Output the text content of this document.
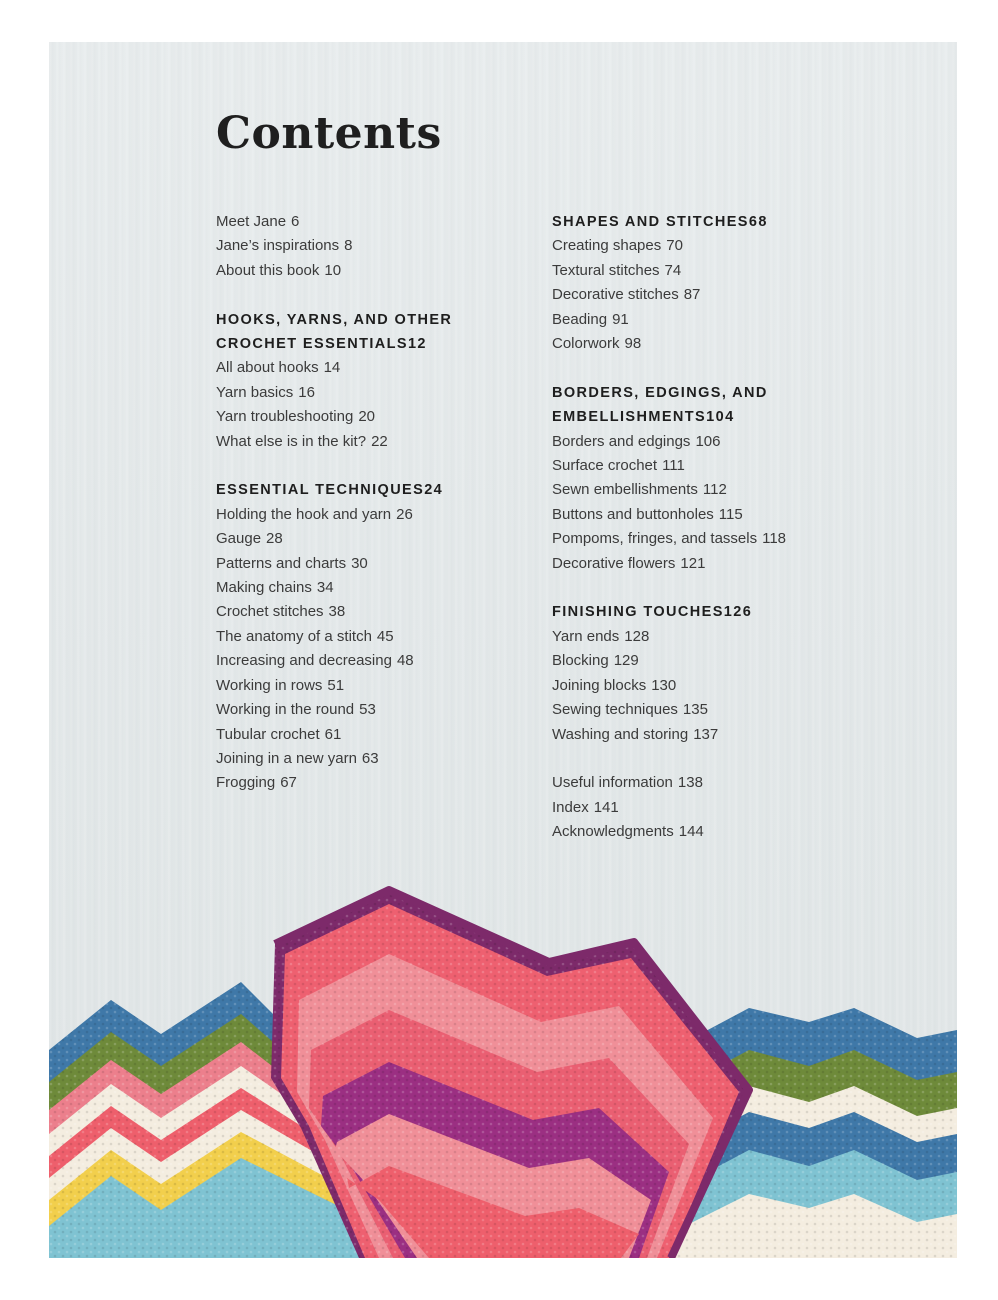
Contents
Meet Jane 6
Jane’s inspirations 8
About this book 10
HOOKS, YARNS, AND OTHER
CROCHET ESSENTIALS12
All about hooks 14
Yarn basics 16
Yarn troubleshooting 20
What else is in the kit? 22
ESSENTIAL TECHNIQUES24
Holding the hook and yarn 26
Gauge 28
Patterns and charts 30
Making chains 34
Crochet stitches 38
The anatomy of a stitch 45
Increasing and decreasing 48
Working in rows 51
Working in the round 53
Tubular crochet 61
Joining in a new yarn 63
Frogging 67
SHAPES AND STITCHES68
Creating shapes 70
Textural stitches 74
Decorative stitches 87
Beading 91
Colorwork 98
BORDERS, EDGINGS, AND
EMBELLISHMENTS104
Borders and edgings 106
Surface crochet 111
Sewn embellishments 112
Buttons and buttonholes 115
Pompoms, fringes, and tassels 118
Decorative flowers 121
FINISHING TOUCHES126
Yarn ends 128
Blocking 129
Joining blocks 130
Sewing techniques 135
Washing and storing 137
Useful information 138
Index 141
Acknowledgments 144
